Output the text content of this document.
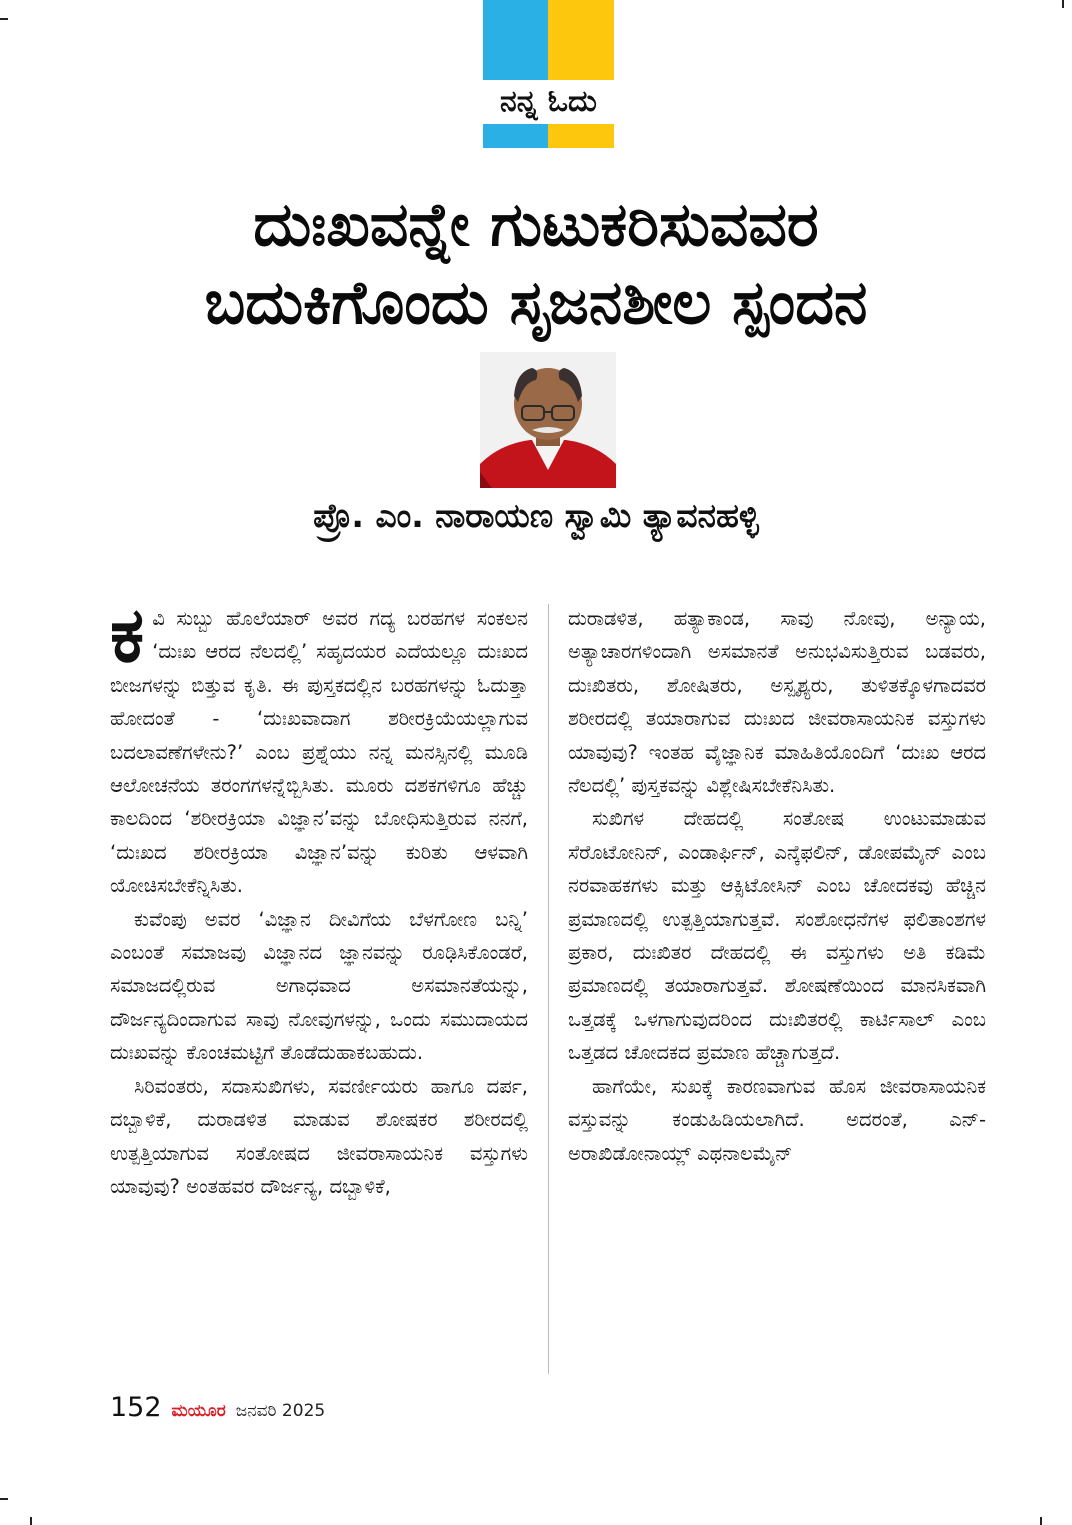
ನನ್ನ ಓದು
ದುಃಖವನ್ನೇ ಗುಟುಕರಿಸುವವರ
ಬದುಕಿಗೊಂದು ಸೃಜನಶೀಲ ಸ್ಪಂದನ
ಪ್ರೊ. ಎಂ. ನಾರಾಯಣ ಸ್ವಾಮಿ ತ್ಯಾವನಹಳ್ಳಿ

ಕವಿ ಸುಬ್ಬು ಹೊಲೆಯಾರ್ ಅವರ ಗದ್ಯ ಬರಹಗಳ ಸಂಕಲನ ‘ದುಃಖ ಆರದ ನೆಲದಲ್ಲಿ’ ಸಹೃದಯರ ಎದೆಯಲ್ಲೂ ದುಃಖದ ಬೀಜಗಳನ್ನು ಬಿತ್ತುವ ಕೃತಿ. ಈ ಪುಸ್ತಕದಲ್ಲಿನ ಬರಹಗಳನ್ನು ಓದುತ್ತಾ ಹೋದಂತೆ - ‘ದುಃಖವಾದಾಗ ಶರೀರಕ್ರಿಯೆಯಲ್ಲಾಗುವ ಬದಲಾವಣೆಗಳೇನು?’ ಎಂಬ ಪ್ರಶ್ನೆಯು ನನ್ನ ಮನಸ್ಸಿನಲ್ಲಿ ಮೂಡಿ ಆಲೋಚನೆಯ ತರಂಗಗಳನ್ನೆಬ್ಬಿಸಿತು. ಮೂರು ದಶಕಗಳಿಗೂ ಹೆಚ್ಚು ಕಾಲದಿಂದ ‘ಶರೀರಕ್ರಿಯಾ ವಿಜ್ಞಾನ’ವನ್ನು ಬೋಧಿಸುತ್ತಿರುವ ನನಗೆ, ‘ದುಃಖದ ಶರೀರಕ್ರಿಯಾ ವಿಜ್ಞಾನ’ವನ್ನು ಕುರಿತು ಆಳವಾಗಿ ಯೋಚಿಸಬೇಕೆನ್ನಿಸಿತು.

ಕುವೆಂಪು ಅವರ ‘ವಿಜ್ಞಾನ ದೀವಿಗೆಯ ಬೆಳಗೋಣ ಬನ್ನಿ’ ಎಂಬಂತೆ ಸಮಾಜವು ವಿಜ್ಞಾನದ ಜ್ಞಾನವನ್ನು ರೂಢಿಸಿಕೊಂಡರೆ, ಸಮಾಜದಲ್ಲಿರುವ ಅಗಾಧವಾದ ಅಸಮಾನತೆಯನ್ನು, ದೌರ್ಜನ್ಯದಿಂದಾಗುವ ಸಾವು ನೋವುಗಳನ್ನು, ಒಂದು ಸಮುದಾಯದ ದುಃಖವನ್ನು ಕೊಂಚಮಟ್ಟಿಗೆ ತೊಡೆದುಹಾಕಬಹುದು.

ಸಿರಿವಂತರು, ಸದಾಸುಖಿಗಳು, ಸವರ್ಣೀಯರು ಹಾಗೂ ದರ್ಪ, ದಬ್ಬಾಳಿಕೆ, ದುರಾಡಳಿತ ಮಾಡುವ ಶೋಷಕರ ಶರೀರದಲ್ಲಿ ಉತ್ಪತ್ತಿಯಾಗುವ ಸಂತೋಷದ ಜೀವರಾಸಾಯನಿಕ ವಸ್ತುಗಳು ಯಾವುವು? ಅಂತಹವರ ದೌರ್ಜನ್ಯ, ದಬ್ಬಾಳಿಕೆ,

ದುರಾಡಳಿತ, ಹತ್ಯಾಕಾಂಡ, ಸಾವು ನೋವು, ಅನ್ಯಾಯ, ಅತ್ಯಾಚಾರಗಳಿಂದಾಗಿ ಅಸಮಾನತೆ ಅನುಭವಿಸುತ್ತಿರುವ ಬಡವರು, ದುಃಖಿತರು, ಶೋಷಿತರು, ಅಸ್ಪೃಶ್ಯರು, ತುಳಿತಕ್ಕೊಳಗಾದವರ ಶರೀರದಲ್ಲಿ ತಯಾರಾಗುವ ದುಃಖದ ಜೀವರಾಸಾಯನಿಕ ವಸ್ತುಗಳು ಯಾವುವು? ಇಂತಹ ವೈಜ್ಞಾನಿಕ ಮಾಹಿತಿಯೊಂದಿಗೆ ‘ದುಃಖ ಆರದ ನೆಲದಲ್ಲಿ’ ಪುಸ್ತಕವನ್ನು ವಿಶ್ಲೇಷಿಸಬೇಕೆನಿಸಿತು.

ಸುಖಿಗಳ ದೇಹದಲ್ಲಿ ಸಂತೋಷ ಉಂಟುಮಾಡುವ ಸೆರೊಟೋನಿನ್, ಎಂಡಾರ್ಫಿನ್, ಎನ್ಕೆಫಲಿನ್, ಡೋಪಮೈನ್ ಎಂಬ ನರವಾಹಕಗಳು ಮತ್ತು ಆಕ್ಸಿಟೋಸಿನ್ ಎಂಬ ಚೋದಕವು ಹೆಚ್ಚಿನ ಪ್ರಮಾಣದಲ್ಲಿ ಉತ್ಪತ್ತಿಯಾಗುತ್ತವೆ. ಸಂಶೋಧನೆಗಳ ಫಲಿತಾಂಶಗಳ ಪ್ರಕಾರ, ದುಃಖಿತರ ದೇಹದಲ್ಲಿ ಈ ವಸ್ತುಗಳು ಅತಿ ಕಡಿಮೆ ಪ್ರಮಾಣದಲ್ಲಿ ತಯಾರಾಗುತ್ತವೆ. ಶೋಷಣೆಯಿಂದ ಮಾನಸಿಕವಾಗಿ ಒತ್ತಡಕ್ಕೆ ಒಳಗಾಗುವುದರಿಂದ ದುಃಖಿತರಲ್ಲಿ ಕಾರ್ಟಿಸಾಲ್ ಎಂಬ ಒತ್ತಡದ ಚೋದಕದ ಪ್ರಮಾಣ ಹೆಚ್ಚಾಗುತ್ತದೆ.

ಹಾಗೆಯೇ, ಸುಖಕ್ಕೆ ಕಾರಣವಾಗುವ ಹೊಸ ಜೀವರಾಸಾಯನಿಕ ವಸ್ತುವನ್ನು ಕಂಡುಹಿಡಿಯಲಾಗಿದೆ. ಅದರಂತೆ, ಎನ್-ಅರಾಖಿಡೋನಾಯ್ಲ್ ಎಥನಾಲಮೈನ್

152 ಮಯೂರ ಜನವರಿ 2025
